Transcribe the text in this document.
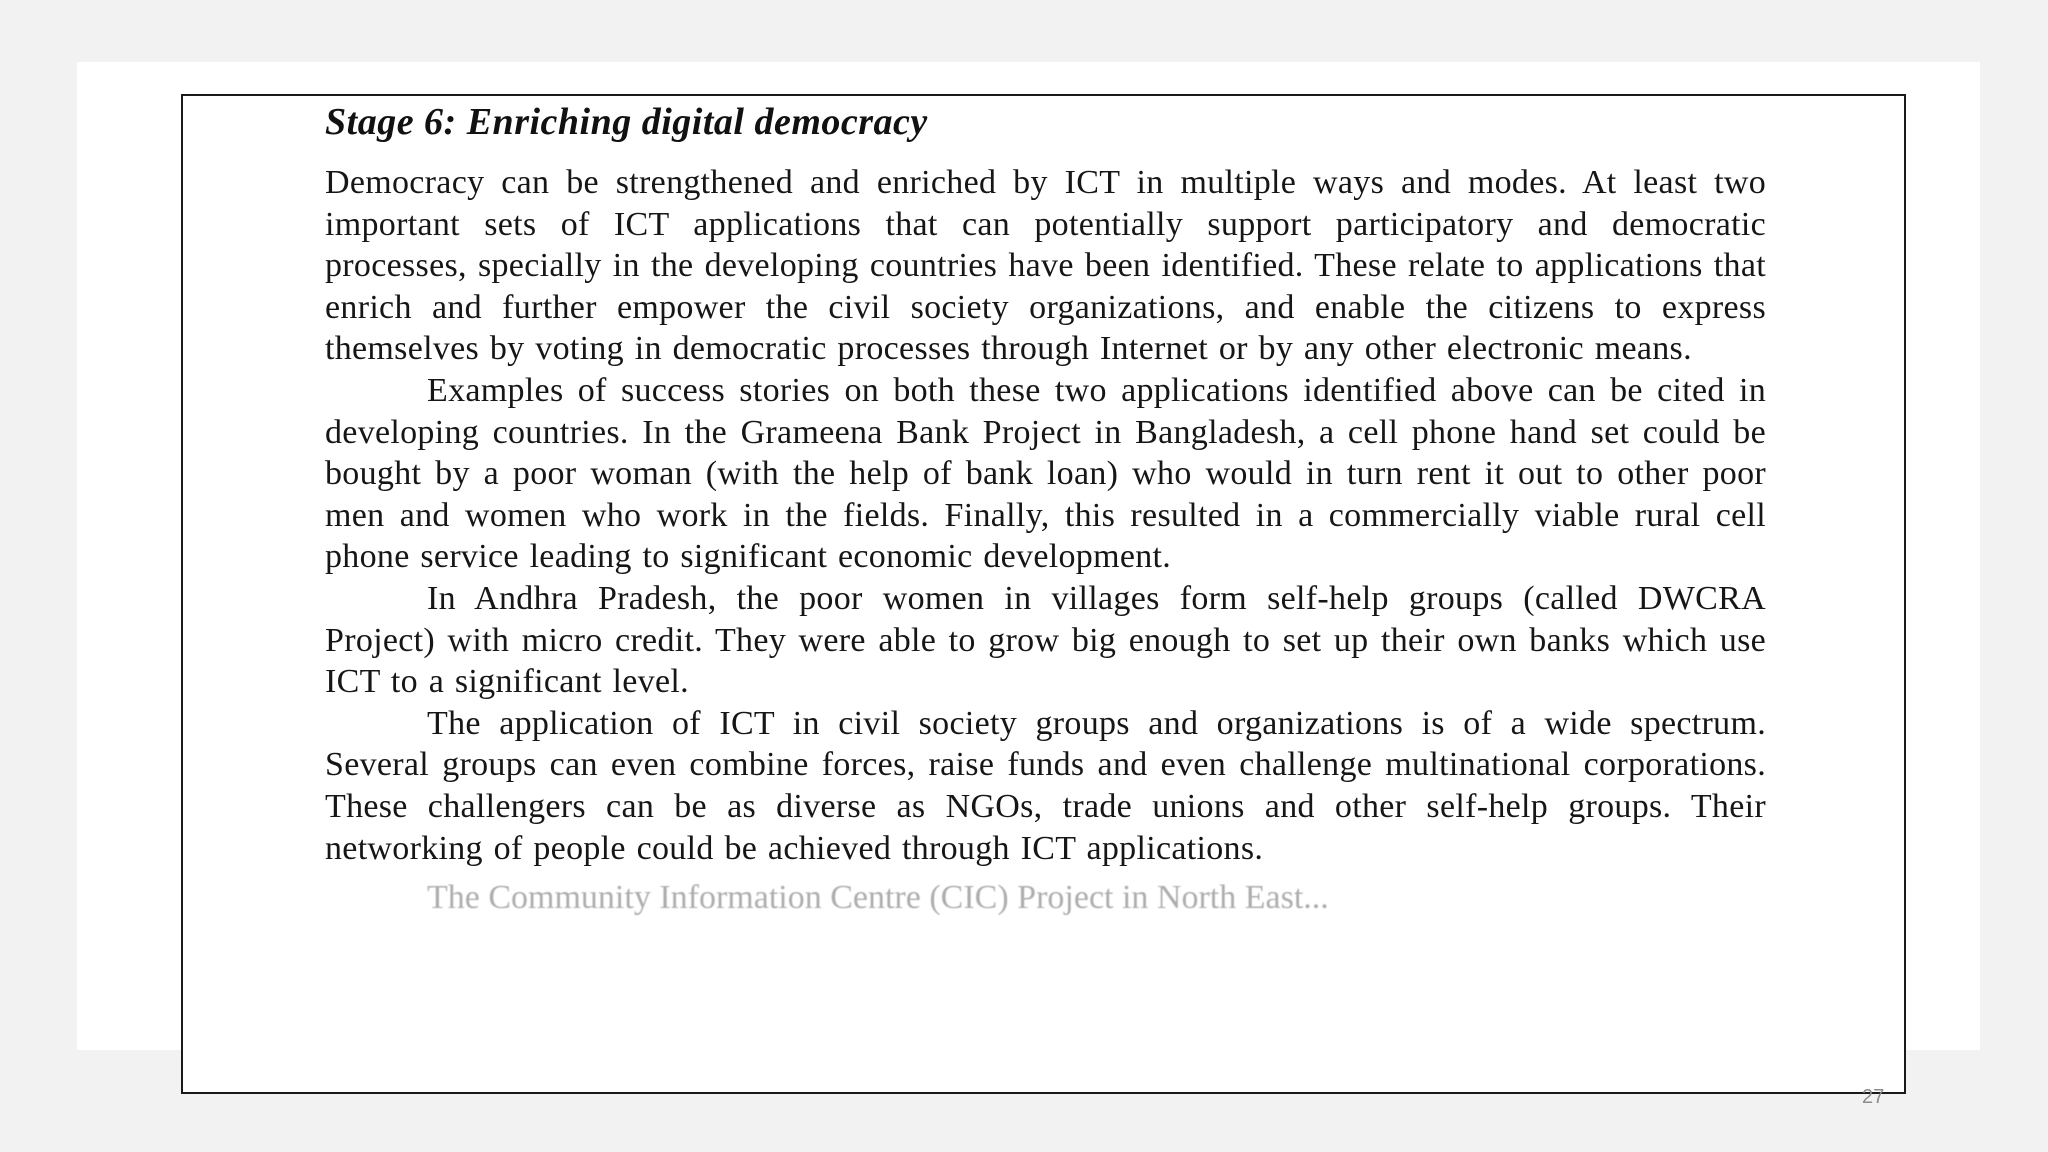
Stage 6: Enriching digital democracy

Democracy can be strengthened and enriched by ICT in multiple ways and modes. At least two important sets of ICT applications that can potentially support participatory and democratic processes, specially in the developing countries have been identified. These relate to applications that enrich and further empower the civil society organizations, and enable the citizens to express themselves by voting in democratic processes through Internet or by any other electronic means.

Examples of success stories on both these two applications identified above can be cited in developing countries. In the Grameena Bank Project in Bangladesh, a cell phone hand set could be bought by a poor woman (with the help of bank loan) who would in turn rent it out to other poor men and women who work in the fields. Finally, this resulted in a commercially viable rural cell phone service leading to significant economic development.

In Andhra Pradesh, the poor women in villages form self-help groups (called DWCRA Project) with micro credit. They were able to grow big enough to set up their own banks which use ICT to a significant level.

The application of ICT in civil society groups and organizations is of a wide spectrum. Several groups can even combine forces, raise funds and even challenge multinational corporations. These challengers can be as diverse as NGOs, trade unions and other self-help groups. Their networking of people could be achieved through ICT applications.

The Community Information Centre (CIC) Project in North East...
27
